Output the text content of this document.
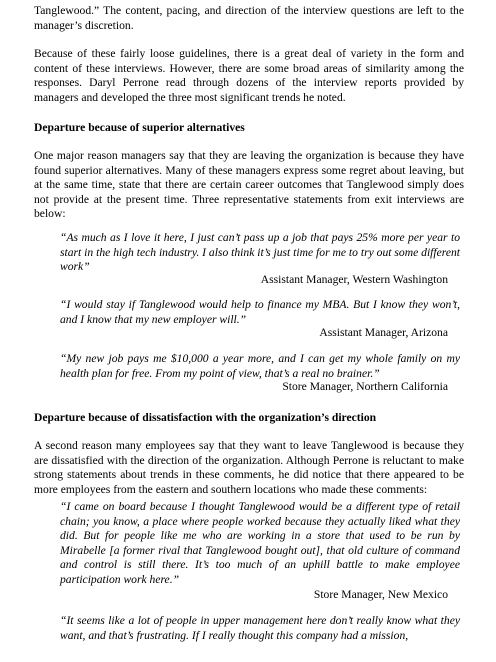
Tanglewood.” The content, pacing, and direction of the interview questions are left to the manager’s discretion.

Because of these fairly loose guidelines, there is a great deal of variety in the form and content of these interviews. However, there are some broad areas of similarity among the responses. Daryl Perrone read through dozens of the interview reports provided by managers and developed the three most significant trends he noted.

Departure because of superior alternatives

One major reason managers say that they are leaving the organization is because they have found superior alternatives. Many of these managers express some regret about leaving, but at the same time, state that there are certain career outcomes that Tanglewood simply does not provide at the present time. Three representative statements from exit interviews are below:

“As much as I love it here, I just can’t pass up a job that pays 25% more per year to start in the high tech industry. I also think it’s just time for me to try out some different work”

Assistant Manager, Western Washington

“I would stay if Tanglewood would help to finance my MBA. But I know they won’t, and I know that my new employer will.”

Assistant Manager, Arizona

“My new job pays me $10,000 a year more, and I can get my whole family on my health plan for free. From my point of view, that’s a real no brainer.”

Store Manager, Northern California

Departure because of dissatisfaction with the organization’s direction

A second reason many employees say that they want to leave Tanglewood is because they are dissatisfied with the direction of the organization. Although Perrone is reluctant to make strong statements about trends in these comments, he did notice that there appeared to be more employees from the eastern and southern locations who made these comments:

“I came on board because I thought Tanglewood would be a different type of retail chain; you know, a place where people worked because they actually liked what they did. But for people like me who are working in a store that used to be run by Mirabelle [a former rival that Tanglewood bought out], that old culture of command and control is still there. It’s too much of an uphill battle to make employee participation work here.”

Store Manager, New Mexico

“It seems like a lot of people in upper management here don’t really know what they want, and that’s frustrating. If I really thought this company had a mission,
